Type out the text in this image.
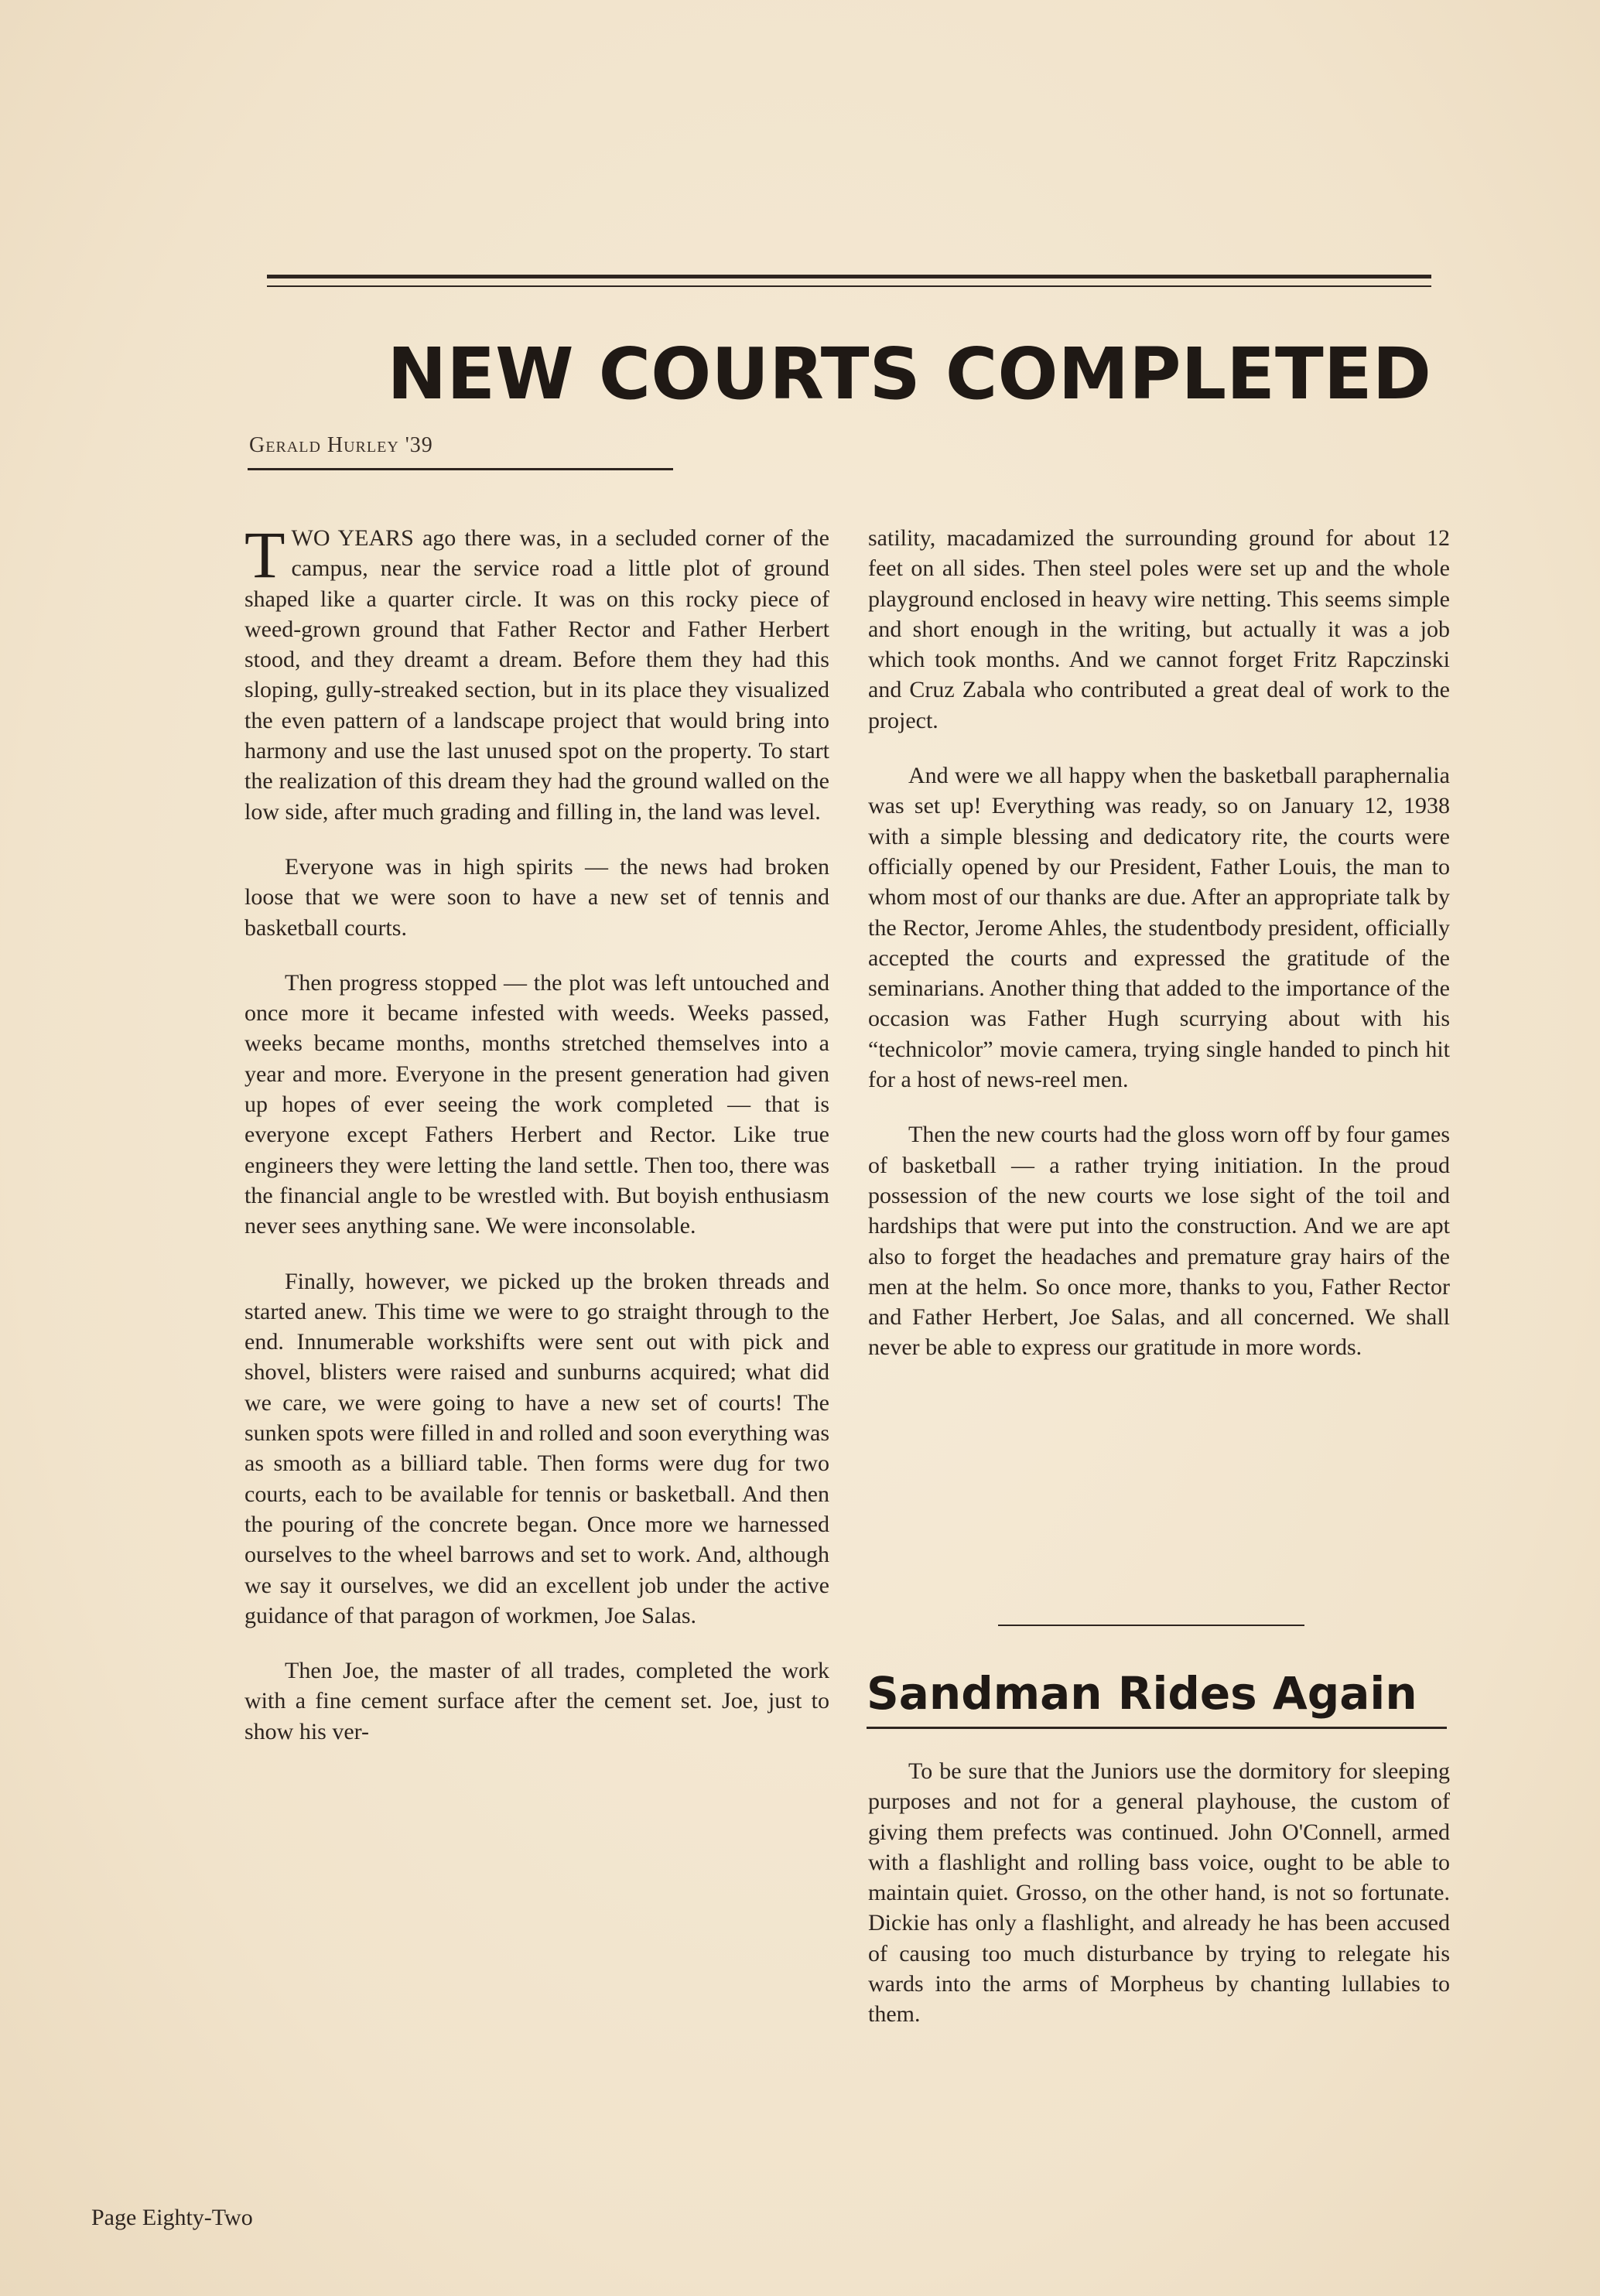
NEW COURTS COMPLETED

Gerald Hurley '39

TWO YEARS ago there was, in a secluded corner of the campus, near the service road a little plot of ground shaped like a quarter circle. It was on this rocky piece of weed-grown ground that Father Rector and Father Herbert stood, and they dreamt a dream. Before them they had this sloping, gully-streaked section, but in its place they visualized the even pattern of a landscape project that would bring into harmony and use the last unused spot on the property. To start the realization of this dream they had the ground walled on the low side, after much grading and filling in, the land was level.

Everyone was in high spirits — the news had broken loose that we were soon to have a new set of tennis and basketball courts.

Then progress stopped — the plot was left untouched and once more it became infested with weeds. Weeks passed, weeks became months, months stretched themselves into a year and more. Everyone in the present generation had given up hopes of ever seeing the work completed — that is everyone except Fathers Herbert and Rector. Like true engineers they were letting the land settle. Then too, there was the financial angle to be wrestled with. But boyish enthusiasm never sees anything sane. We were inconsolable.

Finally, however, we picked up the broken threads and started anew. This time we were to go straight through to the end. Innumerable workshifts were sent out with pick and shovel, blisters were raised and sunburns acquired; what did we care, we were going to have a new set of courts! The sunken spots were filled in and rolled and soon everything was as smooth as a billiard table. Then forms were dug for two courts, each to be available for tennis or basketball. And then the pouring of the concrete began. Once more we harnessed ourselves to the wheel barrows and set to work. And, although we say it ourselves, we did an excellent job under the active guidance of that paragon of workmen, Joe Salas.

Then Joe, the master of all trades, completed the work with a fine cement surface after the cement set. Joe, just to show his ver-

satility, macadamized the surrounding ground for about 12 feet on all sides. Then steel poles were set up and the whole playground enclosed in heavy wire netting. This seems simple and short enough in the writing, but actually it was a job which took months. And we cannot forget Fritz Rapczinski and Cruz Zabala who contributed a great deal of work to the project.

And were we all happy when the basketball paraphernalia was set up! Everything was ready, so on January 12, 1938 with a simple blessing and dedicatory rite, the courts were officially opened by our President, Father Louis, the man to whom most of our thanks are due. After an appropriate talk by the Rector, Jerome Ahles, the studentbody president, officially accepted the courts and expressed the gratitude of the seminarians. Another thing that added to the importance of the occasion was Father Hugh scurrying about with his “technicolor” movie camera, trying single handed to pinch hit for a host of news-reel men.

Then the new courts had the gloss worn off by four games of basketball — a rather trying initiation. In the proud possession of the new courts we lose sight of the toil and hardships that were put into the construction. And we are apt also to forget the headaches and premature gray hairs of the men at the helm. So once more, thanks to you, Father Rector and Father Herbert, Joe Salas, and all concerned. We shall never be able to express our gratitude in more words.

Sandman Rides Again

To be sure that the Juniors use the dormitory for sleeping purposes and not for a general playhouse, the custom of giving them prefects was continued. John O'Connell, armed with a flashlight and rolling bass voice, ought to be able to maintain quiet. Grosso, on the other hand, is not so fortunate. Dickie has only a flashlight, and already he has been accused of causing too much disturbance by trying to relegate his wards into the arms of Morpheus by chanting lullabies to them.

Page Eighty-Two
